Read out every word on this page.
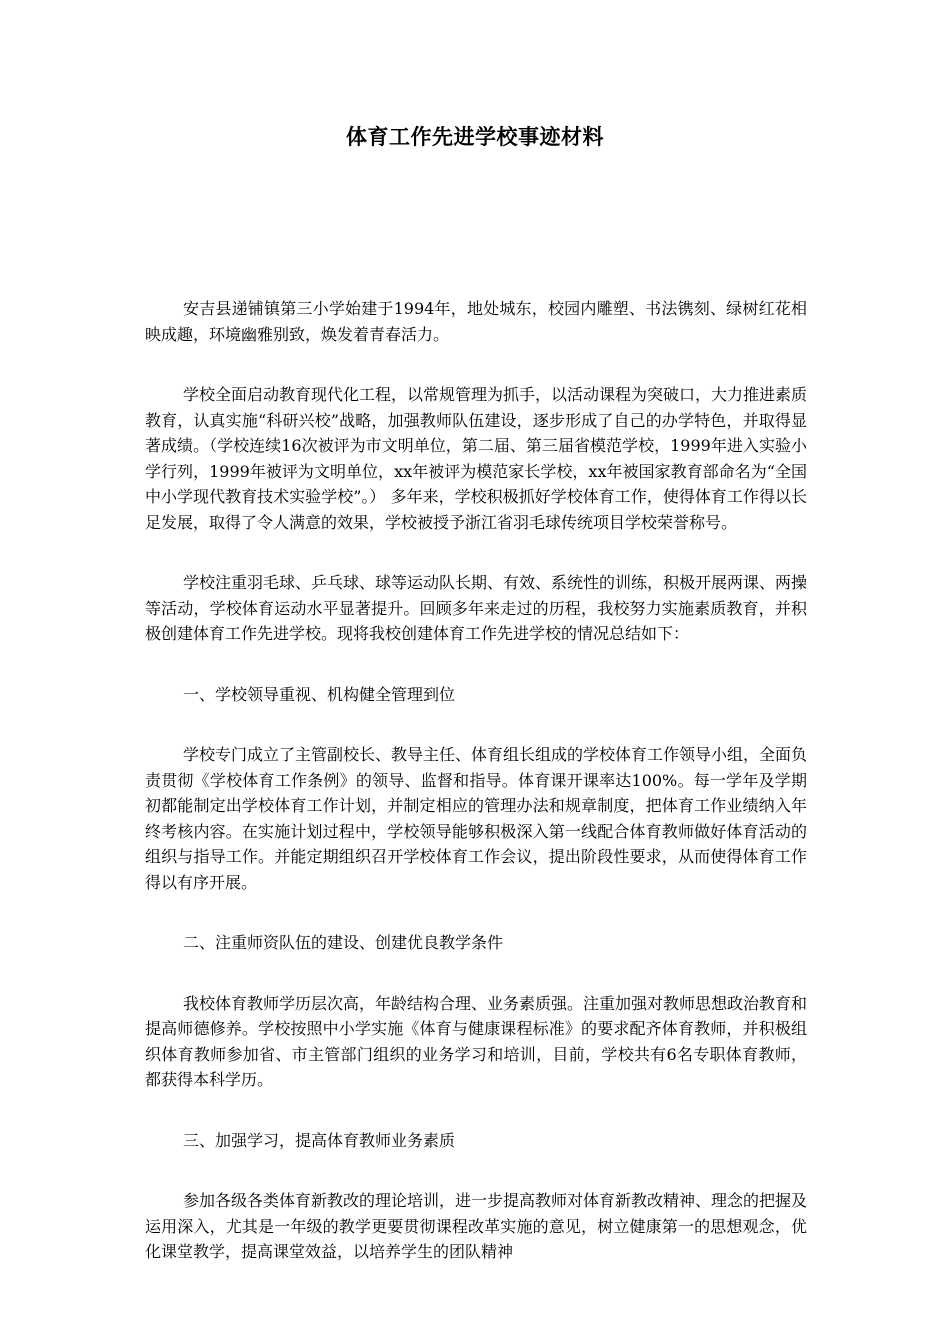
体育工作先进学校事迹材料

安吉县递铺镇第三小学始建于1994年，地处城东，校园内雕塑、书法镌刻、绿树红花相映成趣，环境幽雅别致，焕发着青春活力。

学校全面启动教育现代化工程，以常规管理为抓手，以活动课程为突破口，大力推进素质教育，认真实施“科研兴校”战略，加强教师队伍建设，逐步形成了自己的办学特色，并取得显著成绩。（学校连续16次被评为市文明单位，第二届、第三届省模范学校，1999年进入实验小学行列，1999年被评为文明单位，xx年被评为模范家长学校，xx年被国家教育部命名为“全国中小学现代教育技术实验学校”。） 多年来，学校积极抓好学校体育工作，使得体育工作得以长足发展，取得了令人满意的效果，学校被授予浙江省羽毛球传统项目学校荣誉称号。

学校注重羽毛球、乒乓球、球等运动队长期、有效、系统性的训练，积极开展两课、两操等活动，学校体育运动水平显著提升。回顾多年来走过的历程，我校努力实施素质教育，并积极创建体育工作先进学校。现将我校创建体育工作先进学校的情况总结如下：

一、学校领导重视、机构健全管理到位

学校专门成立了主管副校长、教导主任、体育组长组成的学校体育工作领导小组，全面负责贯彻《学校体育工作条例》的领导、监督和指导。体育课开课率达100%。每一学年及学期初都能制定出学校体育工作计划，并制定相应的管理办法和规章制度，把体育工作业绩纳入年终考核内容。在实施计划过程中，学校领导能够积极深入第一线配合体育教师做好体育活动的组织与指导工作。并能定期组织召开学校体育工作会议，提出阶段性要求，从而使得体育工作得以有序开展。

二、注重师资队伍的建设、创建优良教学条件

我校体育教师学历层次高，年龄结构合理、业务素质强。注重加强对教师思想政治教育和提高师德修养。学校按照中小学实施《体育与健康课程标准》的要求配齐体育教师，并积极组织体育教师参加省、市主管部门组织的业务学习和培训，目前，学校共有6名专职体育教师，都获得本科学历。

三、加强学习，提高体育教师业务素质

参加各级各类体育新教改的理论培训，进一步提高教师对体育新教改精神、理念的把握及运用深入，尤其是一年级的教学更要贯彻课程改革实施的意见，树立健康第一的思想观念，优化课堂教学，提高课堂效益，以培养学生的团队精神
